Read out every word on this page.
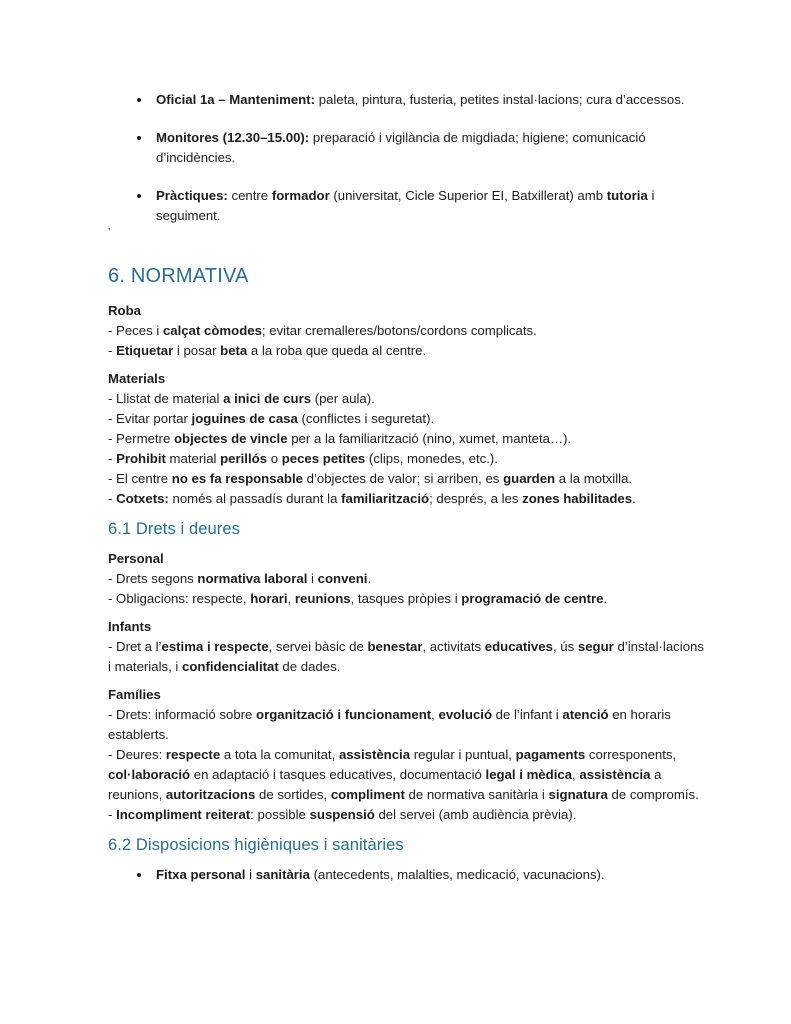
• Oficial 1a – Manteniment: paleta, pintura, fusteria, petites instal·lacions; cura d’accessos.
• Monitores (12.30–15.00): preparació i vigilància de migdiada; higiene; comunicació d’incidències.
• Pràctiques: centre formador (universitat, Cicle Superior EI, Batxillerat) amb tutoria i seguiment.
’
6. NORMATIVA
Roba
- Peces i calçat còmodes; evitar cremalleres/botons/cordons complicats.
- Etiquetar i posar beta a la roba que queda al centre.
Materials
- Llistat de material a inici de curs (per aula).
- Evitar portar joguines de casa (conflictes i seguretat).
- Permetre objectes de vincle per a la familiarització (nino, xumet, manteta…).
- Prohibit material perillós o peces petites (clips, monedes, etc.).
- El centre no es fa responsable d’objectes de valor; si arriben, es guarden a la motxilla.
- Cotxets: només al passadís durant la familiarització; després, a les zones habilitades.
6.1 Drets i deures
Personal
- Drets segons normativa laboral i conveni.
- Obligacions: respecte, horari, reunions, tasques pròpies i programació de centre.
Infants
- Dret a l’estima i respecte, servei bàsic de benestar, activitats educatives, ús segur d’instal·lacions i materials, i confidencialitat de dades.
Famílies
- Drets: informació sobre organització i funcionament, evolució de l’infant i atenció en horaris establerts.
- Deures: respecte a tota la comunitat, assistència regular i puntual, pagaments corresponents, col·laboració en adaptació i tasques educatives, documentació legal i mèdica, assistència a reunions, autoritzacions de sortides, compliment de normativa sanitària i signatura de compromís.
- Incompliment reiterat: possible suspensió del servei (amb audiència prèvia).
6.2 Disposicions higièniques i sanitàries
• Fitxa personal i sanitària (antecedents, malalties, medicació, vacunacions).
